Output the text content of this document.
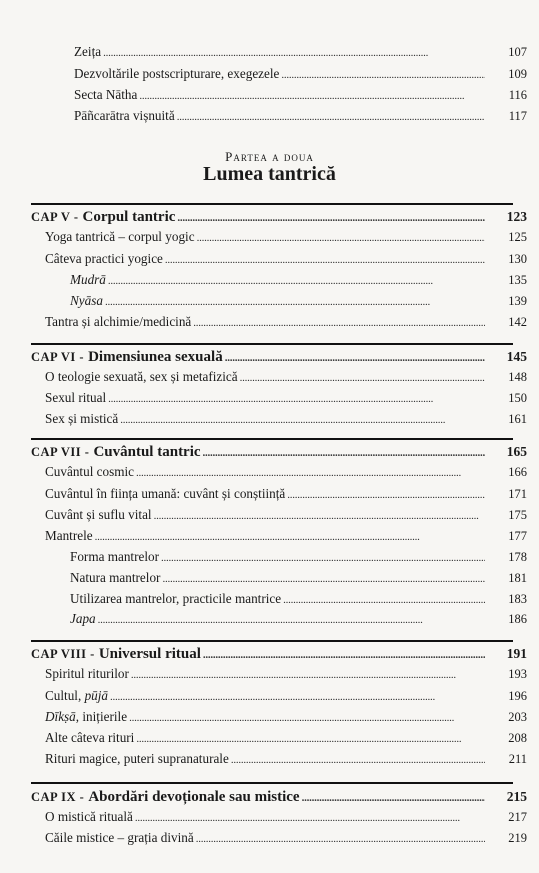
Zeița . . .	107
Dezvoltările postscripturare, exegezele . . .	109
Secta Nātha . . .	116
Pāñcarātra vișnuită . . .	117
Partea a doua
Lumea tantrică
CAP V - Corpul tantric . . .	123
Yoga tantrică – corpul yogic . . .	125
Câteva practici yogice . . .	130
Mudrā . . .	135
Nyāsa . . .	139
Tantra și alchimie/medicină . . .	142
CAP VI - Dimensiunea sexuală . . .	145
O teologie sexuată, sex și metafizică . . .	148
Sexul ritual . . .	150
Sex și mistică . . .	161
CAP VII - Cuvântul tantric . . .	165
Cuvântul cosmic . . .	166
Cuvântul în ființa umană: cuvânt și conștiință . . .	171
Cuvânt și suflu vital . . .	175
Mantrele . . .	177
Forma mantrelor . . .	178
Natura mantrelor . . .	181
Utilizarea mantrelor, practicile mantrice . . .	183
Japa . . .	186
CAP VIII - Universul ritual . . .	191
Spiritul riturilor . . .	193
Cultul, pūjā . . .	196
Dīkṣā, inițierile . . .	203
Alte câteva rituri . . .	208
Rituri magice, puteri supranaturale . . .	211
CAP IX - Abordări devoționale sau mistice . . .	215
O mistică rituală . . .	217
Căile mistice – grația divină . . .	219
